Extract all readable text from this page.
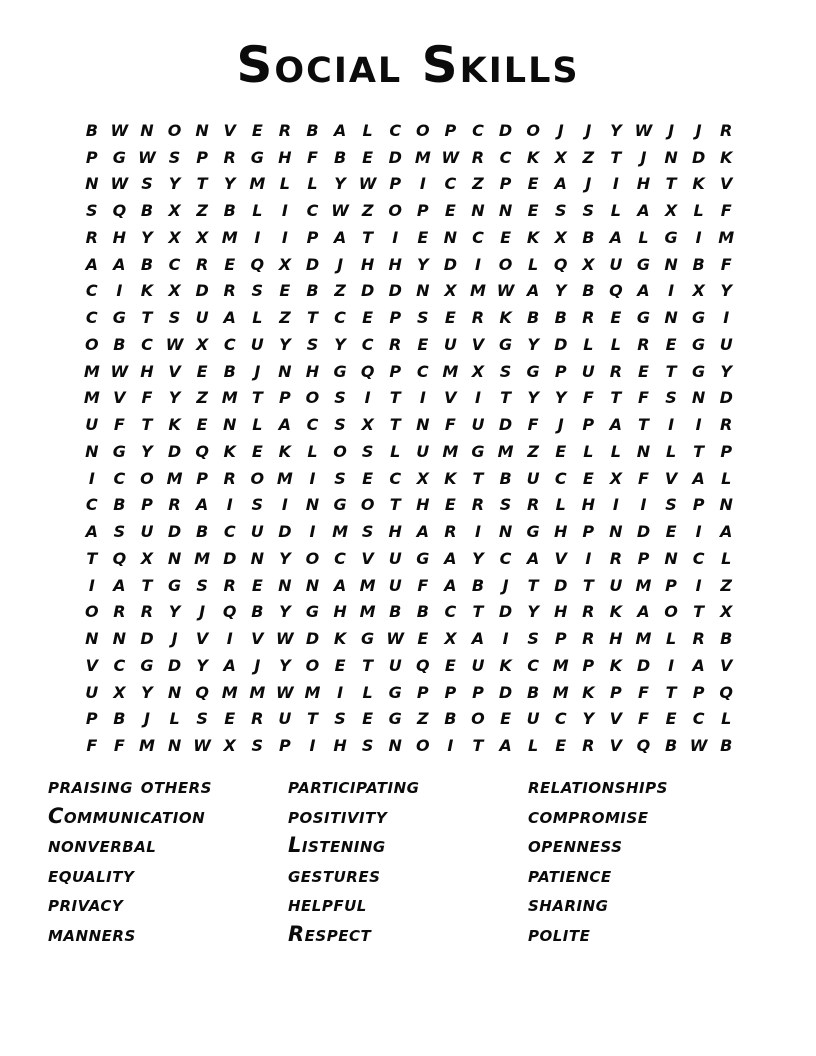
Social Skills
B W N O N V E R B A	L	C O P C D O	J	J	Y W J	J	R
P G W S P R G H F	B	E D M W R C K X Z	T	J	N D K
N W S	Y	T	Y M L	L	Y W P	I	C Z P	E A	J	I	H T K V
S Q B X Z B	L	I	C W Z O P	E N N E	S	S	L	A X	L	F
R H Y X X M	I	I	P A T	I	E N C	E K X B A	L G	I	M
A A B C R E Q X D	J	H H Y D	I	O L Q X U G N B	F
C	I	K X D R S	E	B Z D D N X M W A Y B Q A	I	X Y
C G T	S U A	L	Z	T	C	E	P S	E R K B B R E G N G	I
O B C W X C U Y	S	Y C R E U V G Y D L	L	R E G U
M W H V E	B	J	N H G Q P C M X S G P U R E	T G Y
M V F	Y Z M T	P O S	I	T	I	V	I	T	Y	Y	F	T	F	S N D
U F	T K E N L	A C S X T N F U D F	J	P A T	I	I	R
N G Y D Q K E K	L O S	L U M G M Z	E	L	L N L	T	P
I	C O M P R O M	I	S	E	C X K T	B U C	E X F V A	L
C B P R A	I	S	I	N G O T H E R S R	L H	I	I	S P N
A S U D B C U D	I	M S H A R	I	N G H P N D E	I	A
T Q X N M D N Y O C V U G A Y C A V	I	R P N C	L
I	A T G S R E N N A M U F A B	J	T D T U M P	I	Z
O R R Y	J	Q B Y G H M B B C	T D Y H R K A O T X
N N D	J	V	I	V W D K G W E X A	I	S P R H M L	R B
V C G D Y A	J	Y O E	T U Q E U K C M P K D	I	A V
U X Y N Q M M W M	I	L G P P P D B M K P	F	T	P Q
P B	J	L	S	E R U T	S	E G Z B O E U C Y V F	E	C	L
F	F M N W X S P	I	H S N O	I	T A	L	E R V Q B W B
praising others
Communication
nonverbal
equality
privacy
manners
participating
positivity
Listening
gestures
helpful
Respect
relationships
compromise
openness
patience
sharing
polite
